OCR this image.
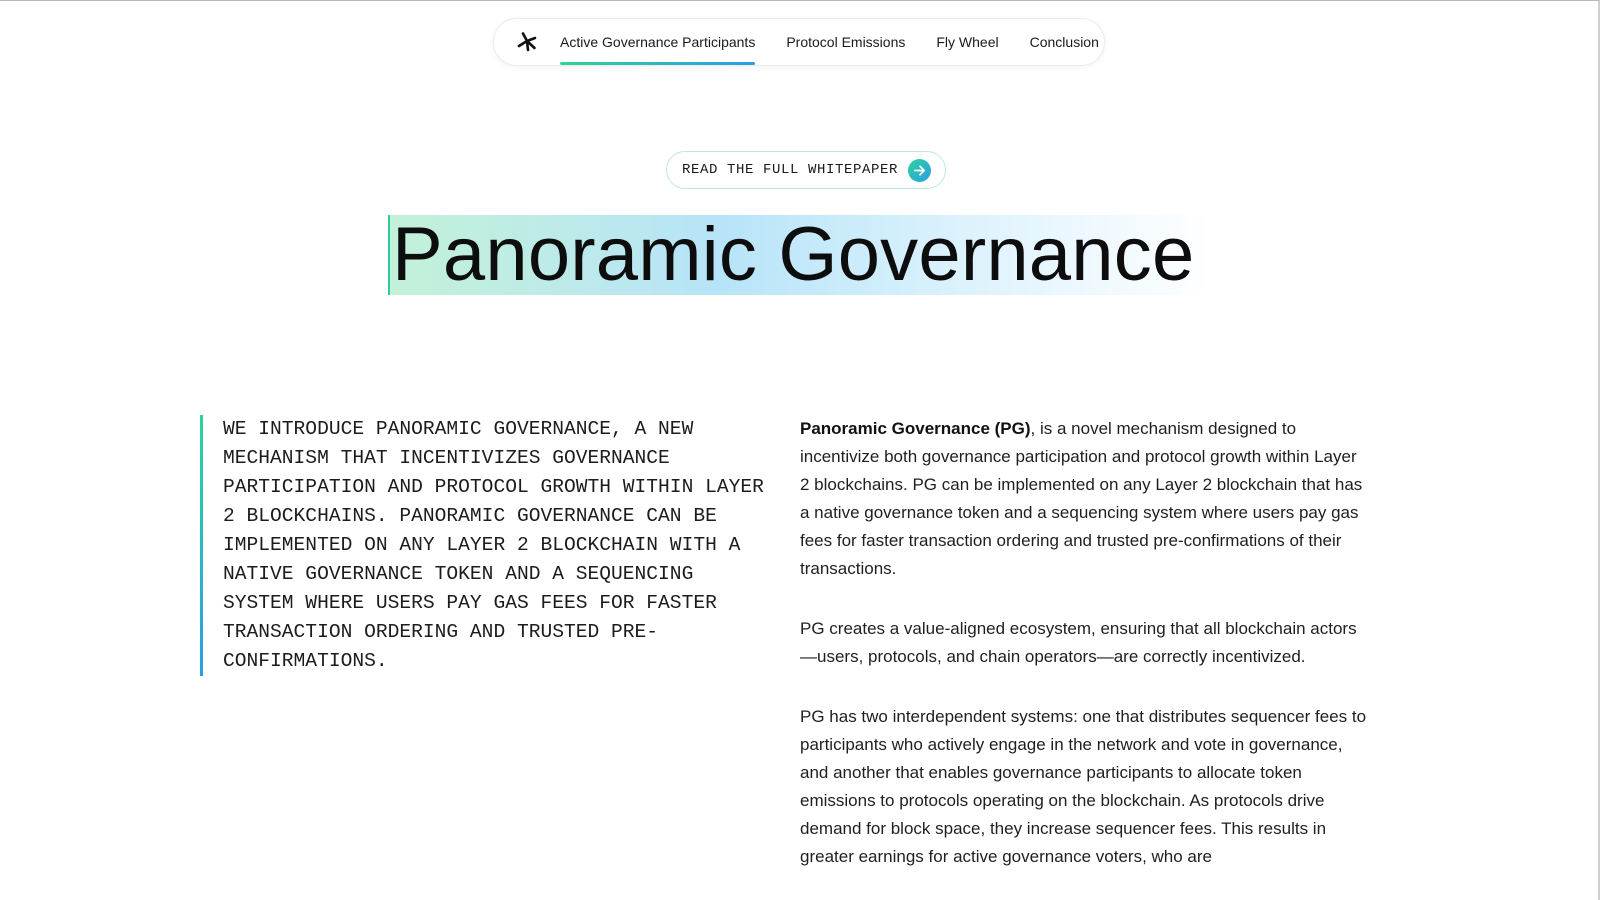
Active Governance Participants Protocol Emissions Fly Wheel Conclusion
READ THE FULL WHITEPAPER
Panoramic Governance

WE INTRODUCE PANORAMIC GOVERNANCE, A NEW MECHANISM THAT INCENTIVIZES GOVERNANCE PARTICIPATION AND PROTOCOL GROWTH WITHIN LAYER 2 BLOCKCHAINS. PANORAMIC GOVERNANCE CAN BE IMPLEMENTED ON ANY LAYER 2 BLOCKCHAIN WITH A NATIVE GOVERNANCE TOKEN AND A SEQUENCING SYSTEM WHERE USERS PAY GAS FEES FOR FASTER TRANSACTION ORDERING AND TRUSTED PRE-CONFIRMATIONS.

Panoramic Governance (PG), is a novel mechanism designed to incentivize both governance participation and protocol growth within Layer 2 blockchains. PG can be implemented on any Layer 2 blockchain that has a native governance token and a sequencing system where users pay gas fees for faster transaction ordering and trusted pre-confirmations of their transactions.

PG creates a value-aligned ecosystem, ensuring that all blockchain actors—users, protocols, and chain operators—are correctly incentivized.

PG has two interdependent systems: one that distributes sequencer fees to participants who actively engage in the network and vote in governance, and another that enables governance participants to allocate token emissions to protocols operating on the blockchain. As protocols drive demand for block space, they increase sequencer fees. This results in greater earnings for active governance voters, who are
